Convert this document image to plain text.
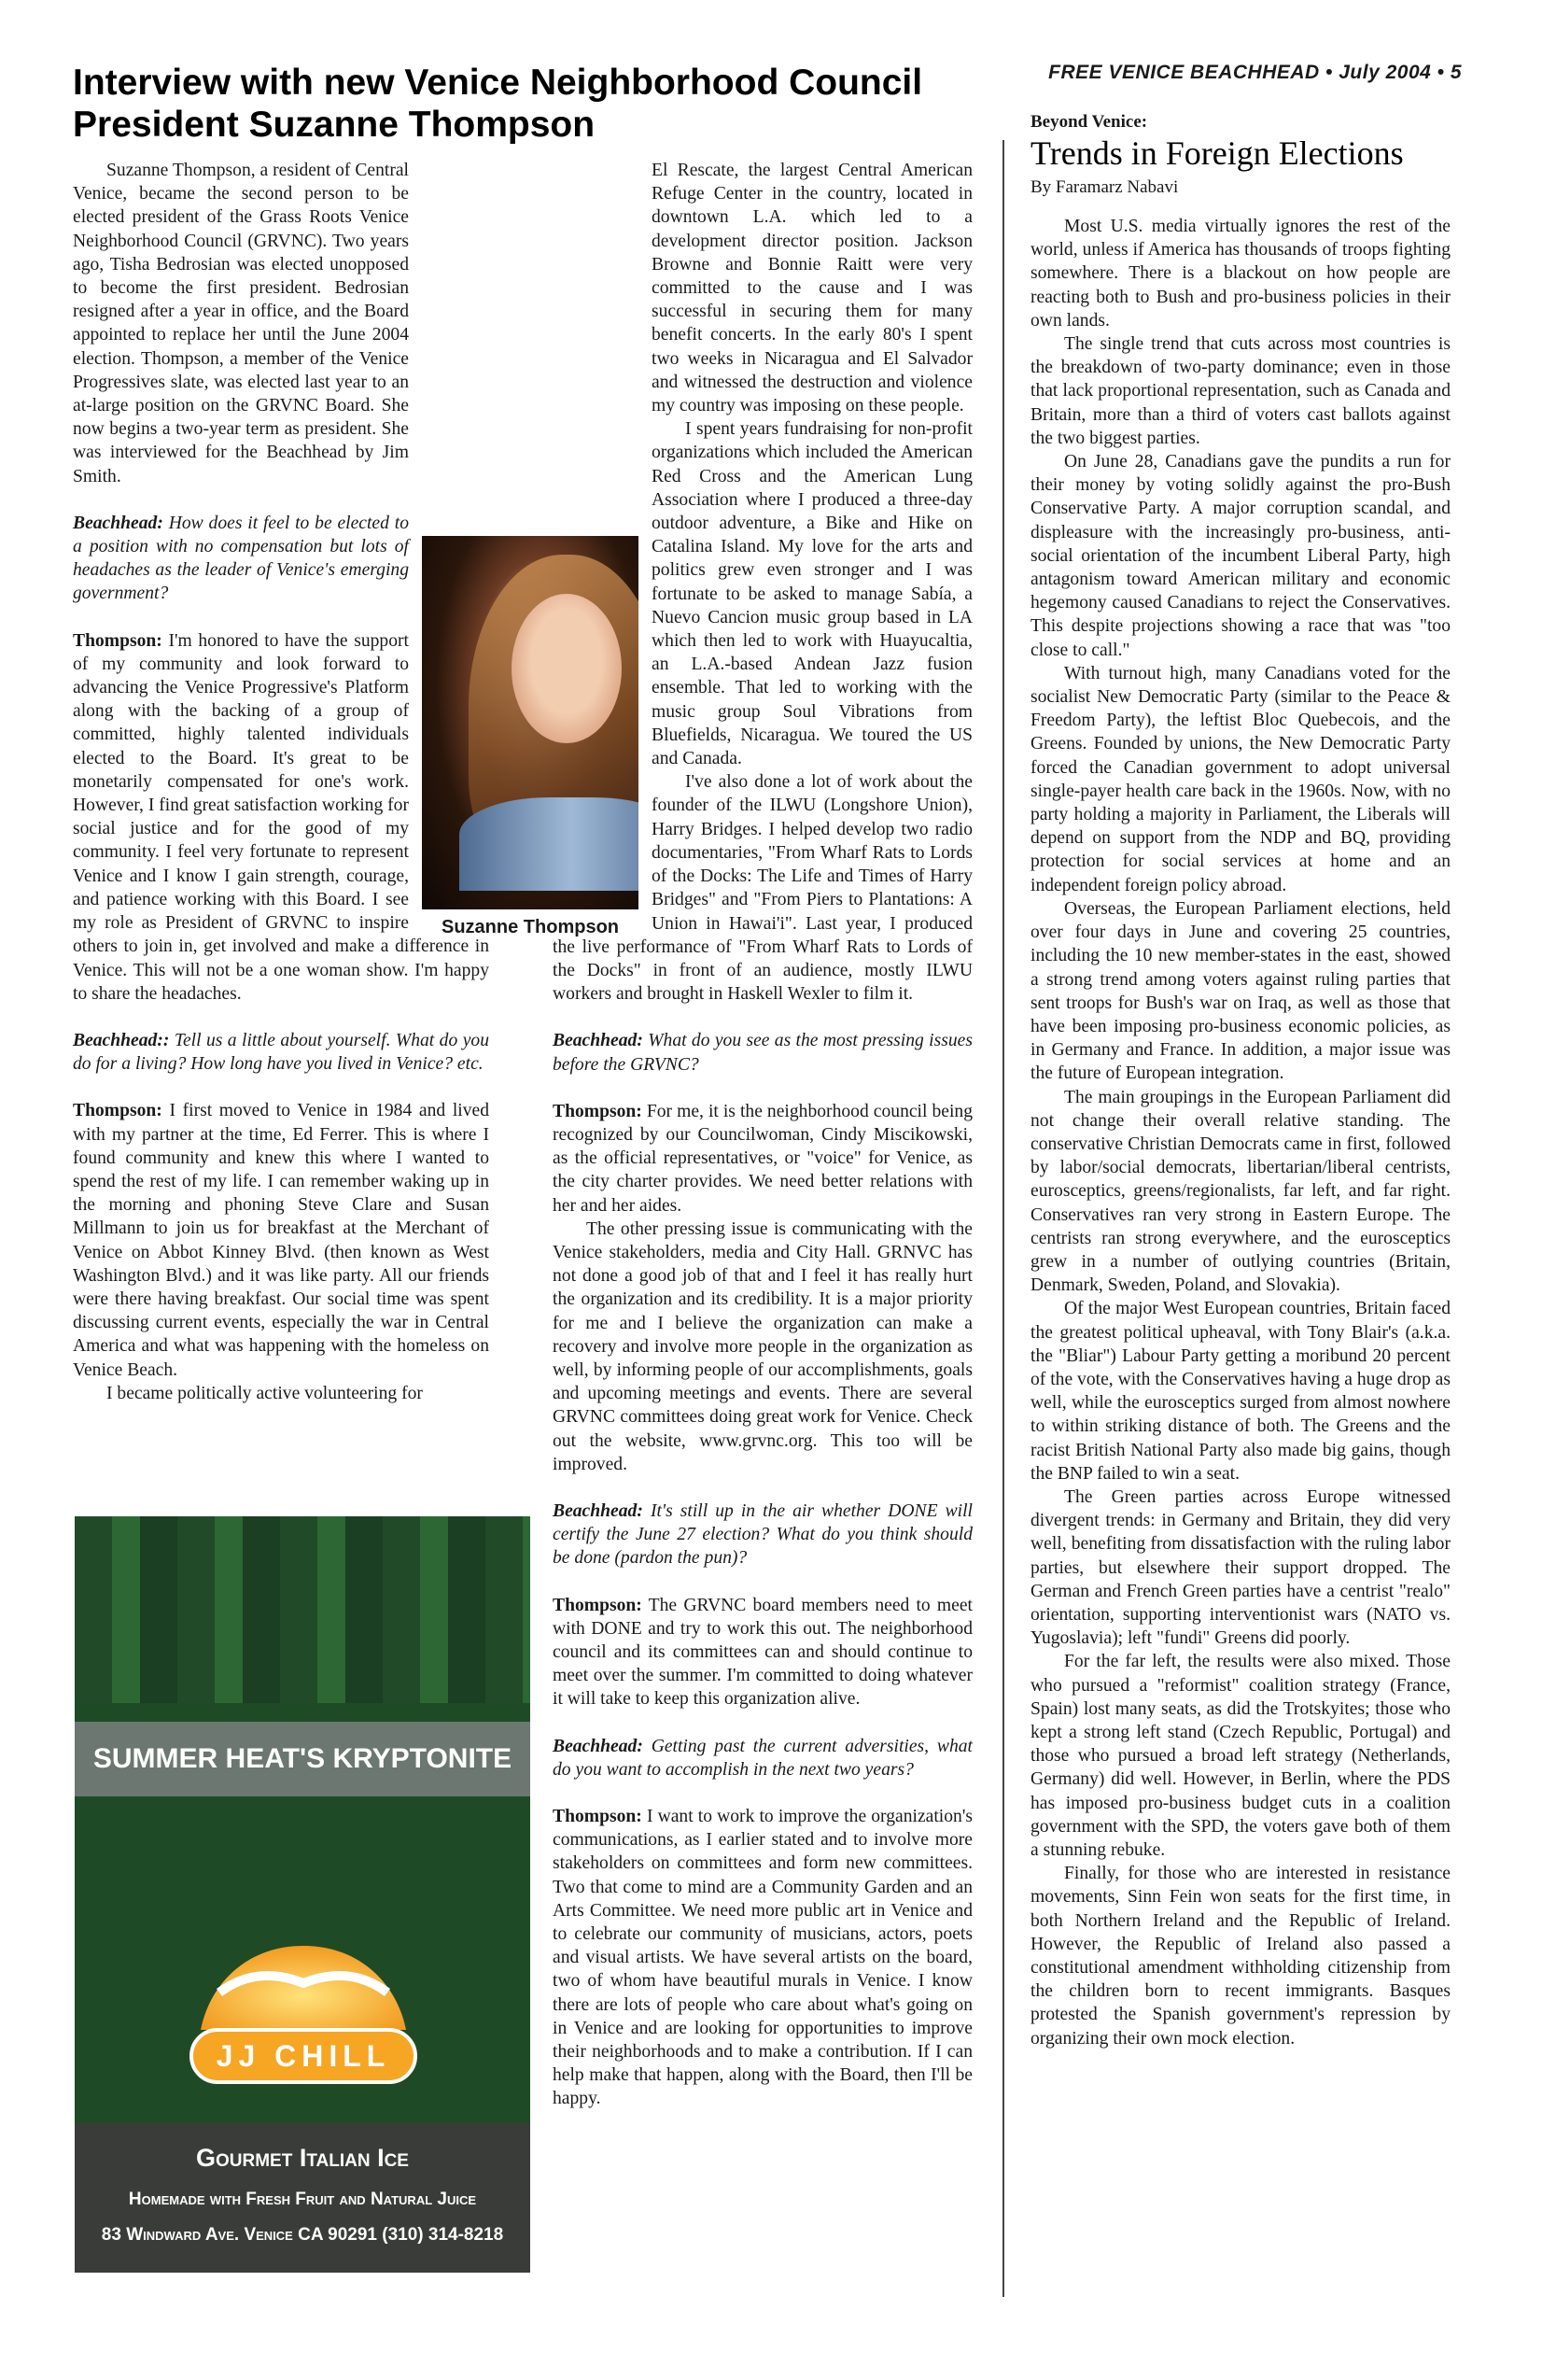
Interview with new Venice Neighborhood Council
President Suzanne Thompson
FREE VENICE BEACHHEAD • July 2004 • 5

Suzanne Thompson, a resident of Central Venice, became the second person to be elected president of the Grass Roots Venice Neighborhood Council (GRVNC). Two years ago, Tisha Bedrosian was elected unopposed to become the first president. Bedrosian resigned after a year in office, and the Board appointed to replace her until the June 2004 election. Thompson, a member of the Venice Progressives slate, was elected last year to an at-large position on the GRVNC Board. She now begins a two-year term as president. She was interviewed for the Beachhead by Jim Smith.

Beachhead: How does it feel to be elected to a position with no compensation but lots of headaches as the leader of Venice's emerging government?

Thompson: I'm honored to have the support of my community and look forward to advancing the Venice Progressive's Platform along with the backing of a group of committed, highly talented individuals elected to the Board. It's great to be monetarily compensated for one's work. However, I find great satisfaction working for social justice and for the good of my community. I feel very fortunate to represent Venice and I know I gain strength, courage, and patience working with this Board. I see my role as President of GRVNC to inspire others to join in, get involved and make a difference in Venice. This will not be a one woman show. I'm happy to share the headaches.

Beachhead:: Tell us a little about yourself. What do you do for a living? How long have you lived in Venice? etc.

Thompson: I first moved to Venice in 1984 and lived with my partner at the time, Ed Ferrer. This is where I found community and knew this where I wanted to spend the rest of my life. I can remember waking up in the morning and phoning Steve Clare and Susan Millmann to join us for breakfast at the Merchant of Venice on Abbot Kinney Blvd. (then known as West Washington Blvd.) and it was like party. All our friends were there having breakfast. Our social time was spent discussing current events, especially the war in Central America and what was happening with the homeless on Venice Beach.

I became politically active volunteering for

El Rescate, the largest Central American Refuge Center in the country, located in downtown L.A. which led to a development director position. Jackson Browne and Bonnie Raitt were very committed to the cause and I was successful in securing them for many benefit concerts. In the early 80's I spent two weeks in Nicaragua and El Salvador and witnessed the destruction and violence my country was imposing on these people.

I spent years fundraising for non-profit organizations which included the American Red Cross and the American Lung Association where I produced a three-day outdoor adventure, a Bike and Hike on Catalina Island. My love for the arts and politics grew even stronger and I was fortunate to be asked to manage Sabía, a Nuevo Cancion music group based in LA which then led to work with Huayucaltia, an L.A.-based Andean Jazz fusion ensemble. That led to working with the music group Soul Vibrations from Bluefields, Nicaragua. We toured the US and Canada.

I've also done a lot of work about the founder of the ILWU (Longshore Union), Harry Bridges. I helped develop two radio documentaries, "From Wharf Rats to Lords of the Docks: The Life and Times of Harry Bridges" and "From Piers to Plantations: A Union in Hawai'i". Last year, I produced the live performance of "From Wharf Rats to Lords of the Docks" in front of an audience, mostly ILWU workers and brought in Haskell Wexler to film it.

Beachhead: What do you see as the most pressing issues before the GRVNC?

Thompson: For me, it is the neighborhood council being recognized by our Councilwoman, Cindy Miscikowski, as the official representatives, or "voice" for Venice, as the city charter provides. We need better relations with her and her aides.

The other pressing issue is communicating with the Venice stakeholders, media and City Hall. GRNVC has not done a good job of that and I feel it has really hurt the organization and its credibility. It is a major priority for me and I believe the organization can make a recovery and involve more people in the organization as well, by informing people of our accomplishments, goals and upcoming meetings and events. There are several GRVNC committees doing great work for Venice. Check out the website, www.grvnc.org. This too will be improved.

Beachhead: It's still up in the air whether DONE will certify the June 27 election? What do you think should be done (pardon the pun)?

Thompson: The GRVNC board members need to meet with DONE and try to work this out. The neighborhood council and its committees can and should continue to meet over the summer. I'm committed to doing whatever it will take to keep this organization alive.

Beachhead: Getting past the current adversities, what do you want to accomplish in the next two years?

Thompson: I want to work to improve the organization's communications, as I earlier stated and to involve more stakeholders on committees and form new committees. Two that come to mind are a Community Garden and an Arts Committee. We need more public art in Venice and to celebrate our community of musicians, actors, poets and visual artists. We have several artists on the board, two of whom have beautiful murals in Venice. I know there are lots of people who care about what's going on in Venice and are looking for opportunities to improve their neighborhoods and to make a contribution. If I can help make that happen, along with the Board, then I'll be happy.

Suzanne Thompson
SUMMER HEAT'S KRYPTONITE
JJ CHILL
Gourmet Italian Ice
Homemade with Fresh Fruit and Natural Juice
83 Windward Ave. Venice CA 90291 (310) 314-8218
Beyond Venice:
Trends in Foreign Elections
By Faramarz Nabavi

Most U.S. media virtually ignores the rest of the world, unless if America has thousands of troops fighting somewhere. There is a blackout on how people are reacting both to Bush and pro-business policies in their own lands.

The single trend that cuts across most countries is the breakdown of two-party dominance; even in those that lack proportional representation, such as Canada and Britain, more than a third of voters cast ballots against the two biggest parties.

On June 28, Canadians gave the pundits a run for their money by voting solidly against the pro-Bush Conservative Party. A major corruption scandal, and displeasure with the increasingly pro-business, anti-social orientation of the incumbent Liberal Party, high antagonism toward American military and economic hegemony caused Canadians to reject the Conservatives. This despite projections showing a race that was "too close to call."

With turnout high, many Canadians voted for the socialist New Democratic Party (similar to the Peace & Freedom Party), the leftist Bloc Quebecois, and the Greens. Founded by unions, the New Democratic Party forced the Canadian government to adopt universal single-payer health care back in the 1960s. Now, with no party holding a majority in Parliament, the Liberals will depend on support from the NDP and BQ, providing protection for social services at home and an independent foreign policy abroad.

Overseas, the European Parliament elections, held over four days in June and covering 25 countries, including the 10 new member-states in the east, showed a strong trend among voters against ruling parties that sent troops for Bush's war on Iraq, as well as those that have been imposing pro-business economic policies, as in Germany and France. In addition, a major issue was the future of European integration.

The main groupings in the European Parliament did not change their overall relative standing. The conservative Christian Democrats came in first, followed by labor/social democrats, libertarian/liberal centrists, eurosceptics, greens/regionalists, far left, and far right. Conservatives ran very strong in Eastern Europe. The centrists ran strong everywhere, and the eurosceptics grew in a number of outlying countries (Britain, Denmark, Sweden, Poland, and Slovakia).

Of the major West European countries, Britain faced the greatest political upheaval, with Tony Blair's (a.k.a. the "Bliar") Labour Party getting a moribund 20 percent of the vote, with the Conservatives having a huge drop as well, while the eurosceptics surged from almost nowhere to within striking distance of both. The Greens and the racist British National Party also made big gains, though the BNP failed to win a seat.

The Green parties across Europe witnessed divergent trends: in Germany and Britain, they did very well, benefiting from dissatisfaction with the ruling labor parties, but elsewhere their support dropped. The German and French Green parties have a centrist "realo" orientation, supporting interventionist wars (NATO vs. Yugoslavia); left "fundi" Greens did poorly.

For the far left, the results were also mixed. Those who pursued a "reformist" coalition strategy (France, Spain) lost many seats, as did the Trotskyites; those who kept a strong left stand (Czech Republic, Portugal) and those who pursued a broad left strategy (Netherlands, Germany) did well. However, in Berlin, where the PDS has imposed pro-business budget cuts in a coalition government with the SPD, the voters gave both of them a stunning rebuke.

Finally, for those who are interested in resistance movements, Sinn Fein won seats for the first time, in both Northern Ireland and the Republic of Ireland. However, the Republic of Ireland also passed a constitutional amendment withholding citizenship from the children born to recent immigrants. Basques protested the Spanish government's repression by organizing their own mock election.
